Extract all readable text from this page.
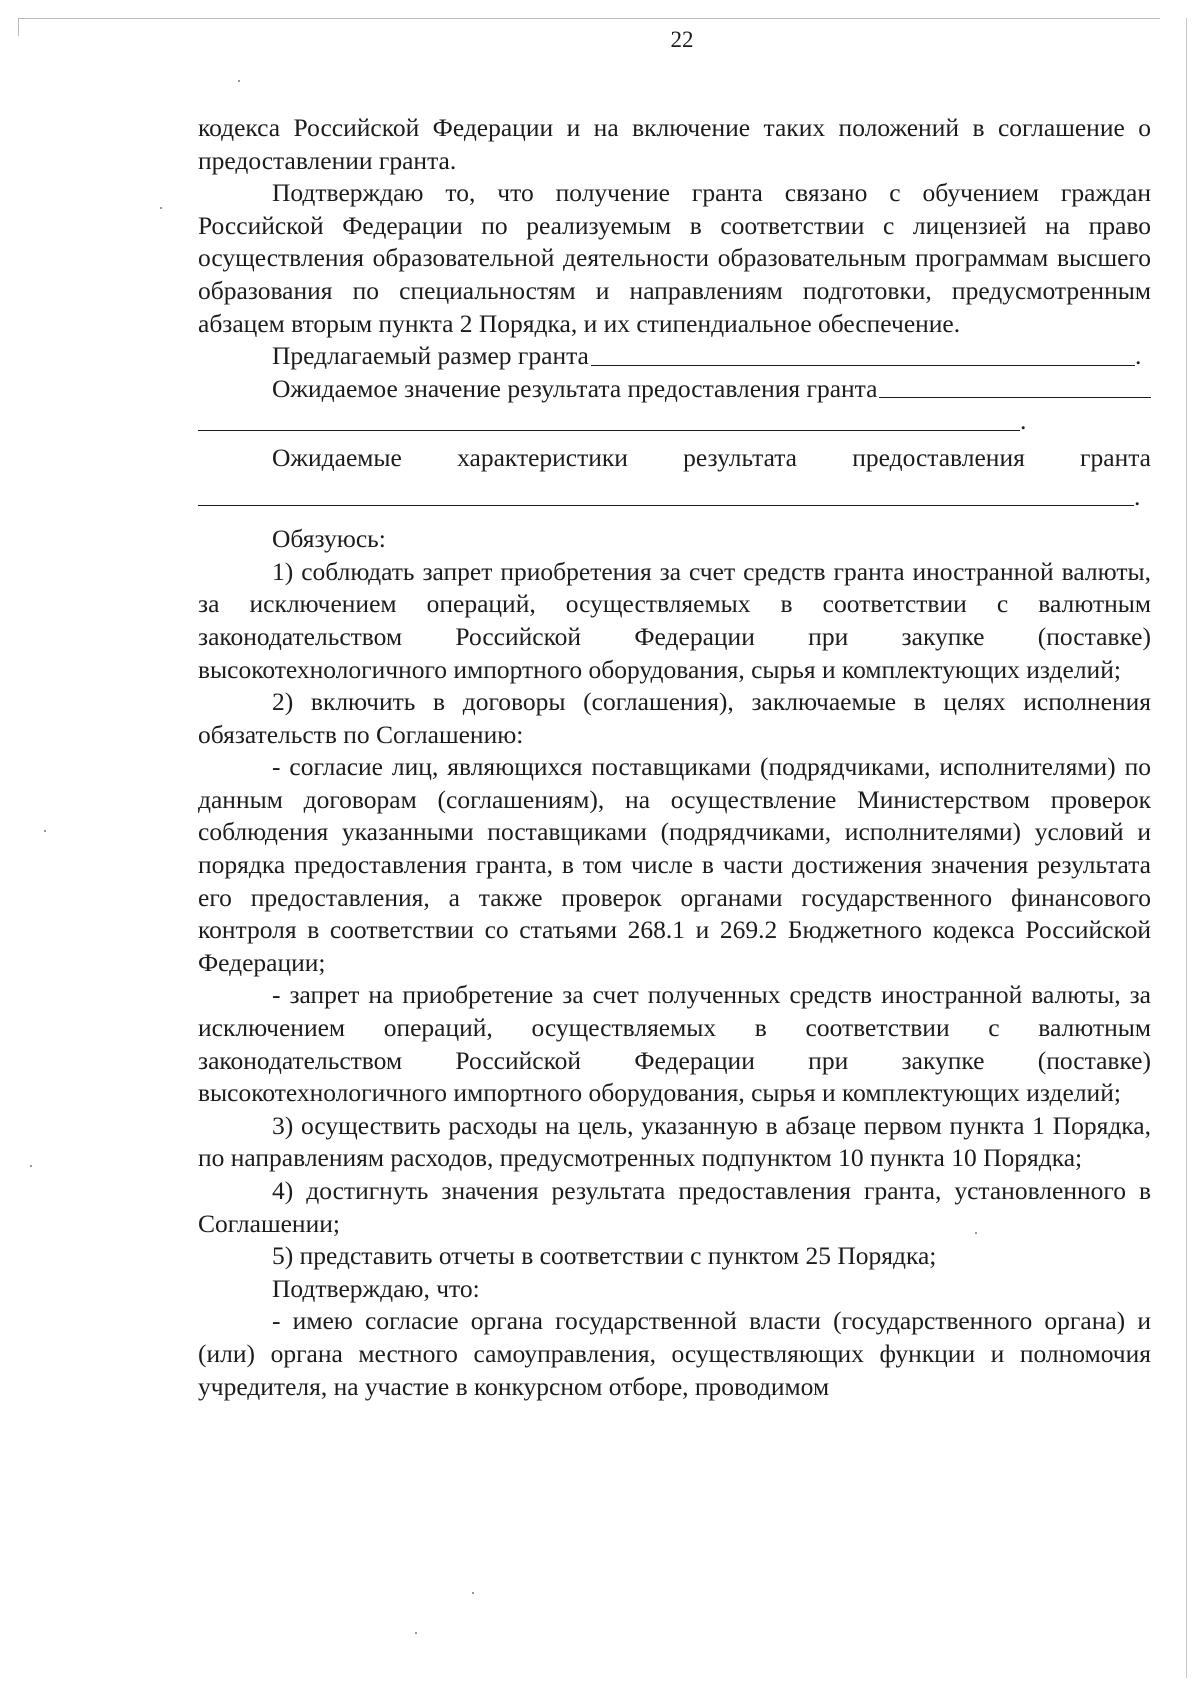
22

кодекса Российской Федерации и на включение таких положений в соглашение о предоставлении гранта.

Подтверждаю то, что получение гранта связано с обучением граждан Российской Федерации по реализуемым в соответствии с лицензией на право осуществления образовательной деятельности образовательным программам высшего образования по специальностям и направлениям подготовки, предусмотренным абзацем вторым пункта 2 Порядка, и их стипендиальное обеспечение.

Предлагаемый размер гранта	.
Ожидаемое значение результата предоставления гранта
.

Ожидаемые характеристики результата предоставления гранта

.

Обязуюсь:

1) соблюдать запрет приобретения за счет средств гранта иностранной валюты, за исключением операций, осуществляемых в соответствии с валютным законодательством Российской Федерации при закупке (поставке) высокотехнологичного импортного оборудования, сырья и комплектующих изделий;

2) включить в договоры (соглашения), заключаемые в целях исполнения обязательств по Соглашению:

- согласие лиц, являющихся поставщиками (подрядчиками, исполнителями) по данным договорам (соглашениям), на осуществление Министерством проверок соблюдения указанными поставщиками (подрядчиками, исполнителями) условий и порядка предоставления гранта, в том числе в части достижения значения результата его предоставления, а также проверок органами государственного финансового контроля в соответствии со статьями 268.1 и 269.2 Бюджетного кодекса Российской Федерации;

- запрет на приобретение за счет полученных средств иностранной валюты, за исключением операций, осуществляемых в соответствии с валютным законодательством Российской Федерации при закупке (поставке) высокотехнологичного импортного оборудования, сырья и комплектующих изделий;

3) осуществить расходы на цель, указанную в абзаце первом пункта 1 Порядка, по направлениям расходов, предусмотренных подпунктом 10 пункта 10 Порядка;

4) достигнуть значения результата предоставления гранта, установленного в Соглашении;

5) представить отчеты в соответствии с пунктом 25 Порядка;

Подтверждаю, что:

- имею согласие органа государственной власти (государственного органа) и (или) органа местного самоуправления, осуществляющих функции и полномочия учредителя, на участие в конкурсном отборе, проводимом
